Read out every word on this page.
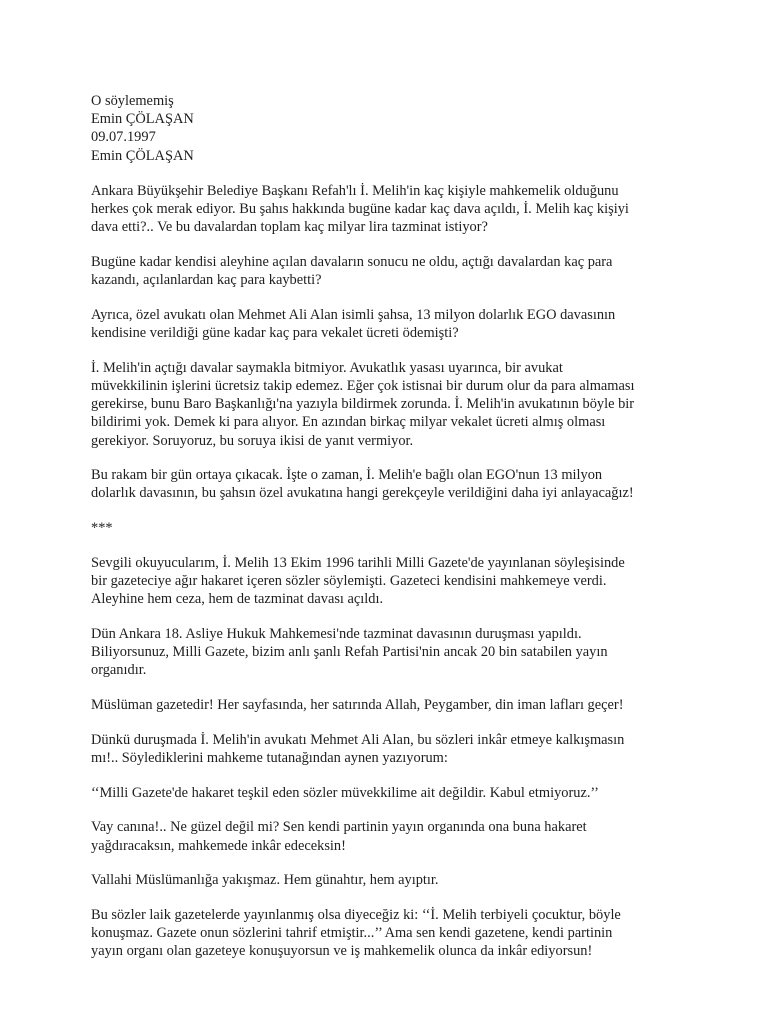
O söylememiş
Emin ÇÖLAŞAN
09.07.1997
Emin ÇÖLAŞAN

Ankara Büyükşehir Belediye Başkanı Refah'lı İ. Melih'in kaç kişiyle mahkemelik olduğunu
herkes çok merak ediyor. Bu şahıs hakkında bugüne kadar kaç dava açıldı, İ. Melih kaç kişiyi
dava etti?.. Ve bu davalardan toplam kaç milyar lira tazminat istiyor?

Bugüne kadar kendisi aleyhine açılan davaların sonucu ne oldu, açtığı davalardan kaç para
kazandı, açılanlardan kaç para kaybetti?

Ayrıca, özel avukatı olan Mehmet Ali Alan isimli şahsa, 13 milyon dolarlık EGO davasının
kendisine verildiği güne kadar kaç para vekalet ücreti ödemişti?

İ. Melih'in açtığı davalar saymakla bitmiyor. Avukatlık yasası uyarınca, bir avukat
müvekkilinin işlerini ücretsiz takip edemez. Eğer çok istisnai bir durum olur da para almaması
gerekirse, bunu Baro Başkanlığı'na yazıyla bildirmek zorunda. İ. Melih'in avukatının böyle bir
bildirimi yok. Demek ki para alıyor. En azından birkaç milyar vekalet ücreti almış olması
gerekiyor. Soruyoruz, bu soruya ikisi de yanıt vermiyor.

Bu rakam bir gün ortaya çıkacak. İşte o zaman, İ. Melih'e bağlı olan EGO'nun 13 milyon
dolarlık davasının, bu şahsın özel avukatına hangi gerekçeyle verildiğini daha iyi anlayacağız!

***

Sevgili okuyucularım, İ. Melih 13 Ekim 1996 tarihli Milli Gazete'de yayınlanan söyleşisinde
bir gazeteciye ağır hakaret içeren sözler söylemişti. Gazeteci kendisini mahkemeye verdi.
Aleyhine hem ceza, hem de tazminat davası açıldı.

Dün Ankara 18. Asliye Hukuk Mahkemesi'nde tazminat davasının duruşması yapıldı.
Biliyorsunuz, Milli Gazete, bizim anlı şanlı Refah Partisi'nin ancak 20 bin satabilen yayın
organıdır.

Müslüman gazetedir! Her sayfasında, her satırında Allah, Peygamber, din iman lafları geçer!

Dünkü duruşmada İ. Melih'in avukatı Mehmet Ali Alan, bu sözleri inkâr etmeye kalkışmasın
mı!.. Söylediklerini mahkeme tutanağından aynen yazıyorum:

‘‘Milli Gazete'de hakaret teşkil eden sözler müvekkilime ait değildir. Kabul etmiyoruz.’’

Vay canına!.. Ne güzel değil mi? Sen kendi partinin yayın organında ona buna hakaret
yağdıracaksın, mahkemede inkâr edeceksin!

Vallahi Müslümanlığa yakışmaz. Hem günahtır, hem ayıptır.

Bu sözler laik gazetelerde yayınlanmış olsa diyeceğiz ki: ‘‘İ. Melih terbiyeli çocuktur, böyle
konuşmaz. Gazete onun sözlerini tahrif etmiştir...’’ Ama sen kendi gazetene, kendi partinin
yayın organı olan gazeteye konuşuyorsun ve iş mahkemelik olunca da inkâr ediyorsun!
